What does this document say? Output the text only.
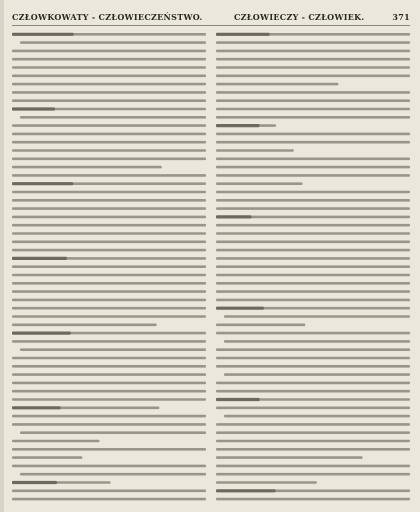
CZŁOWKOWATY - CZŁOWIECZEŃSTWO.	CZŁOWIECZY - CZŁOWIEK.	371
